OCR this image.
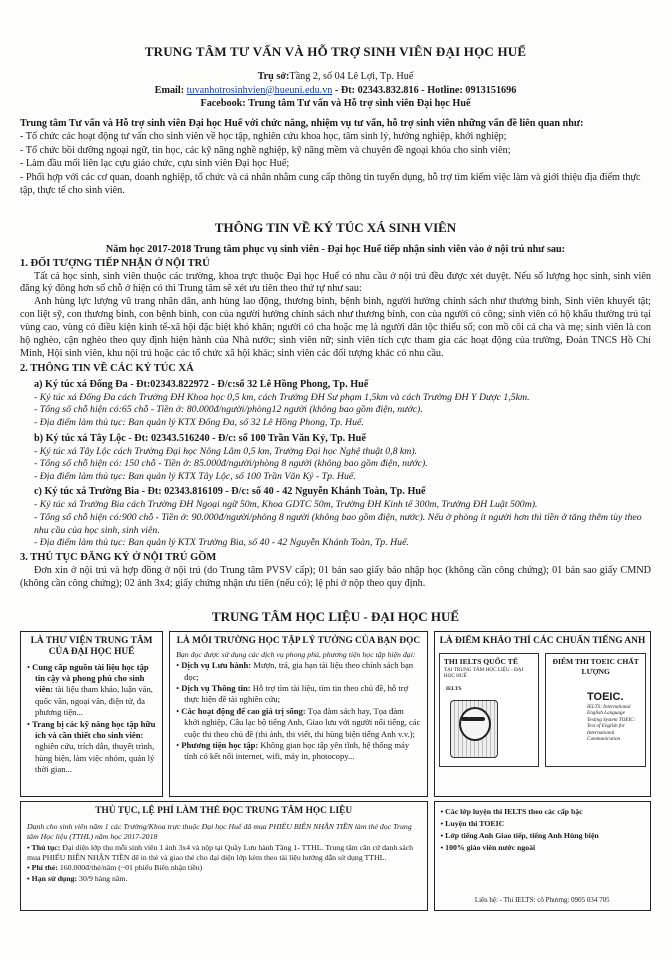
TRUNG TÂM TƯ VẤN VÀ HỖ TRỢ SINH VIÊN ĐẠI HỌC HUẾ
Trụ sở:Tầng 2, số 04 Lê Lợi, Tp. Huế
Email: tuvanhotrosinhvien@hueuni.edu.vn - Đt: 02343.832.816 - Hotline: 0913151696
Facebook: Trung tâm Tư vấn và Hỗ trợ sinh viên Đại học Huế
Trung tâm Tư vấn và Hỗ trợ sinh viên Đại học Huế với chức năng, nhiệm vụ tư vấn, hỗ trợ sinh viên những vấn đề liên quan như:
- Tổ chức các hoạt động tư vấn cho sinh viên về học tập, nghiên cứu khoa học, tâm sinh lý, hướng nghiệp, khởi nghiệp;
- Tổ chức bồi dưỡng ngoại ngữ, tin học, các kỹ năng nghề nghiệp, kỹ năng mềm và chuyên đề ngoại khóa cho sinh viên;
- Làm đầu mối liên lạc cựu giáo chức, cựu sinh viên Đại học Huế;
- Phối hợp với các cơ quan, doanh nghiệp, tổ chức và cá nhân nhằm cung cấp thông tin tuyển dụng, hỗ trợ tìm kiếm việc làm và giới thiệu địa điểm thực tập, thực tế cho sinh viên.
THÔNG TIN VỀ KÝ TÚC XÁ SINH VIÊN
Năm học 2017-2018 Trung tâm phục vụ sinh viên - Đại học Huế tiếp nhận sinh viên vào ở nội trú như sau:
1. ĐỐI TƯỢNG TIẾP NHẬN Ở NỘI TRÚ
Tất cả học sinh, sinh viên thuộc các trường, khoa trực thuộc Đại học Huế có nhu cầu ở nội trú đều được xét duyệt. Nếu số lượng học sinh, sinh viên đăng ký đông hơn số chỗ ở hiện có thì Trung tâm sẽ xét ưu tiên theo thứ tự như sau:
Anh hùng lực lượng vũ trang nhân dân, anh hùng lao động, thương binh, bệnh binh, người hưởng chính sách như thương binh, Sinh viên khuyết tật; con liệt sỹ, con thương binh, con bệnh binh, con của người hưởng chính sách như thương binh, con của người có công; sinh viên có hộ khẩu thường trú tại vùng cao, vùng có điều kiện kinh tế-xã hội đặc biệt khó khăn; người có cha hoặc mẹ là người dân tộc thiểu số; con mồ côi cả cha và mẹ; sinh viên là con hộ nghèo, cận nghèo theo quy định hiện hành của Nhà nước; sinh viên nữ; sinh viên tích cực tham gia các hoạt động của trường, Đoàn TNCS Hồ Chí Minh, Hội sinh viên, khu nội trú hoặc các tổ chức xã hội khác; sinh viên các đối tượng khác có nhu cầu.
2. THÔNG TIN VỀ CÁC KÝ TÚC XÁ
a) Ký túc xá Đống Đa - Đt:02343.822972 - Đ/c:số 32 Lê Hồng Phong, Tp. Huế
- Ký túc xá Đống Đa cách Trường ĐH Khoa học 0,5 km, cách Trường ĐH Sư phạm 1,5km và cách Trường ĐH Y Dược 1,5km.
- Tổng số chỗ hiện có:65 chỗ - Tiền ở: 80.000đ/người/phòng12 người (không bao gồm điện, nước).
- Địa điểm làm thủ tục: Ban quản lý KTX Đống Đa, số 32 Lê Hồng Phong, Tp. Huế.
b) Ký túc xá Tây Lộc - Đt: 02343.516240 - Đ/c: số 100 Trần Văn Kỷ, Tp. Huế
- Ký túc xá Tây Lộc cách Trường Đại học Nông Lâm 0,5 km, Trường Đại học Nghệ thuật 0,8 km).
- Tổng số chỗ hiện có: 150 chỗ - Tiền ở: 85.000đ/người/phòng 8 người (không bao gồm điện, nước).
- Địa điểm làm thủ tục: Ban quản lý KTX Tây Lộc, số 100 Trần Văn Kỷ - Tp. Huế.
c) Ký túc xá Trường Bia - Đt: 02343.816109 - Đ/c: số 40 - 42 Nguyễn Khánh Toàn, Tp. Huế
- Ký túc xá Trường Bia cách Trường ĐH Ngoại ngữ 50m, Khoa GDTC 50m, Trường ĐH Kinh tế 300m, Trường ĐH Luật 500m).
- Tổng số chỗ hiện có:900 chỗ - Tiền ở: 90.000đ/người/phòng 8 người (không bao gồm điện, nước). Nếu ở phòng ít người hơn thì tiền ở tăng thêm tùy theo nhu cầu của học sinh, sinh viên.
- Địa điểm làm thủ tục: Ban quản lý KTX Trường Bia, số 40 - 42 Nguyễn Khánh Toàn, Tp. Huế.
3. THỦ TỤC ĐĂNG KÝ Ở NỘI TRÚ GỒM
Đơn xin ở nội trú và hợp đồng ở nội trú (do Trung tâm PVSV cấp); 01 bản sao giấy báo nhập học (không cần công chứng); 01 bản sao giấy CMND (không cần công chứng); 02 ảnh 3x4; giấy chứng nhận ưu tiên (nếu có); lệ phí ở nộp theo quy định.
TRUNG TÂM HỌC LIỆU - ĐẠI HỌC HUẾ
LÀ THƯ VIỆN TRUNG TÂM CỦA ĐẠI HỌC HUẾ
• Cung cấp nguồn tài liệu học tập tin cậy và phong phú cho sinh viên: tài liệu tham khảo, luận văn, quốc văn, ngoại văn, điện tử, đa phương tiện...
• Trang bị các kỹ năng học tập hữu ích và cần thiết cho sinh viên: nghiên cứu, trích dẫn, thuyết trình, hùng biện, làm việc nhóm, quản lý thời gian...
LÀ MÔI TRƯỜNG HỌC TẬP LÝ TƯỞNG CỦA BẠN ĐỌC
Bạn đọc được sử dụng các dịch vụ phong phú, phương tiện học tập hiện đại:
• Dịch vụ Lưu hành: Mượn, trả, gia hạn tài liệu theo chính sách bạn đọc;
• Dịch vụ Thông tin: Hỗ trợ tìm tài liệu, tìm tin theo chủ đề, hỗ trợ thực hiện đề tài nghiên cứu;
• Các hoạt động để cao giá trị sống: Tọa đàm sách hay, Tọa đàm khởi nghiệp, Câu lạc bộ tiếng Anh, Giao lưu với người nổi tiếng, các cuộc thi theo chủ đề (thi ảnh, thi viết, thi hùng biện tiếng Anh v.v.);
• Phương tiện học tập: Không gian học tập yên tĩnh, hệ thống máy tính có kết nối internet, wifi, máy in, photocopy...
LÀ ĐIỂM KHẢO THÍ CÁC CHUẨN TIẾNG ANH
THI IELTS QUỐC TẾ
TẠI TRUNG TÂM HỌC LIỆU - ĐẠI HỌC HUẾ
IELTS
ĐIỂM THI TOEIC CHẤT LƯỢNG
TOEIC.
IELTS: International English Language Testing System TOEIC: Test of English for International Communication
THỦ TỤC, LỆ PHÍ LÀM THẺ ĐỌC TRUNG TÂM HỌC LIỆU
Danh cho sinh viên năm 1 các Trường/Khoa trực thuộc Đại học Huế đã mua PHIẾU BIÊN NHẬN TIỀN làm thẻ đọc Trung tâm Học liệu (TTHL) năm học 2017-2018
• Thủ tục: Đại diện lớp thu mỗi sinh viên 1 ảnh 3x4 và nộp tại Quầy Lưu hành Tầng 1- TTHL. Trung tâm căn cứ danh sách mua PHIẾU BIÊN NHẬN TIỀN để in thẻ và giao thẻ cho đại diện lớp kèm theo tài liệu hướng dẫn sử dụng TTHL.
• Phí thẻ: 160.000đ/thẻ/năm (~01 phiếu Biên nhận tiền)
• Hạn sử dụng: 30/9 hàng năm.
• Các lớp luyện thi IELTS theo các cấp bậc
• Luyện thi TOEIC
• Lớp tiếng Anh Giao tiếp, tiếng Anh Hùng biện
• 100% giáo viên nước ngoài
Liên hệ: - Thi IELTS: cô Phương: 0905 034 705
